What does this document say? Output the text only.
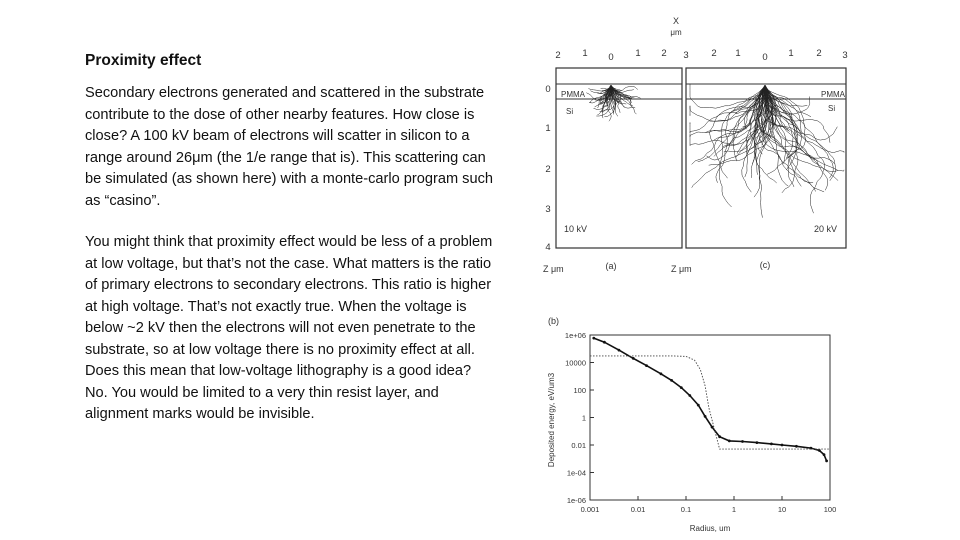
Proximity effect

Secondary electrons generated and scattered in the substrate contribute to the dose of other nearby features. How close is close? A 100 kV beam of electrons will scatter in silicon to a range around 26μm (the 1/e range that is). This scattering can be simulated (as shown here) with a monte-carlo program such as “casino”.

You might think that proximity effect would be less of a problem at low voltage, but that’s not the case. What matters is the ratio of primary electrons to secondary electrons. This ratio is higher at high voltage. That’s not exactly true. When the voltage is below ~2 kV then the electrons will not even penetrate to the substrate, so at low voltage there is no proximity effect at all. Does this mean that low-voltage lithography is a good idea? No. You would be limited to a very thin resist layer, and alignment marks would be invisible.

X
μm
2 1 0 1 2 3 2 1 0 1 2 3
0
1
2
3
4
PMMA
Si
10 kV
PMMA
Si
20 kV
Z μm	(a)	Z μm	(c)
(b)
1e+06
10000
100
1
0.01
1e-04
1e-06
0.001	0.01	0.1	1	10	100
Radius, um
Deposited energy, eV/um3
